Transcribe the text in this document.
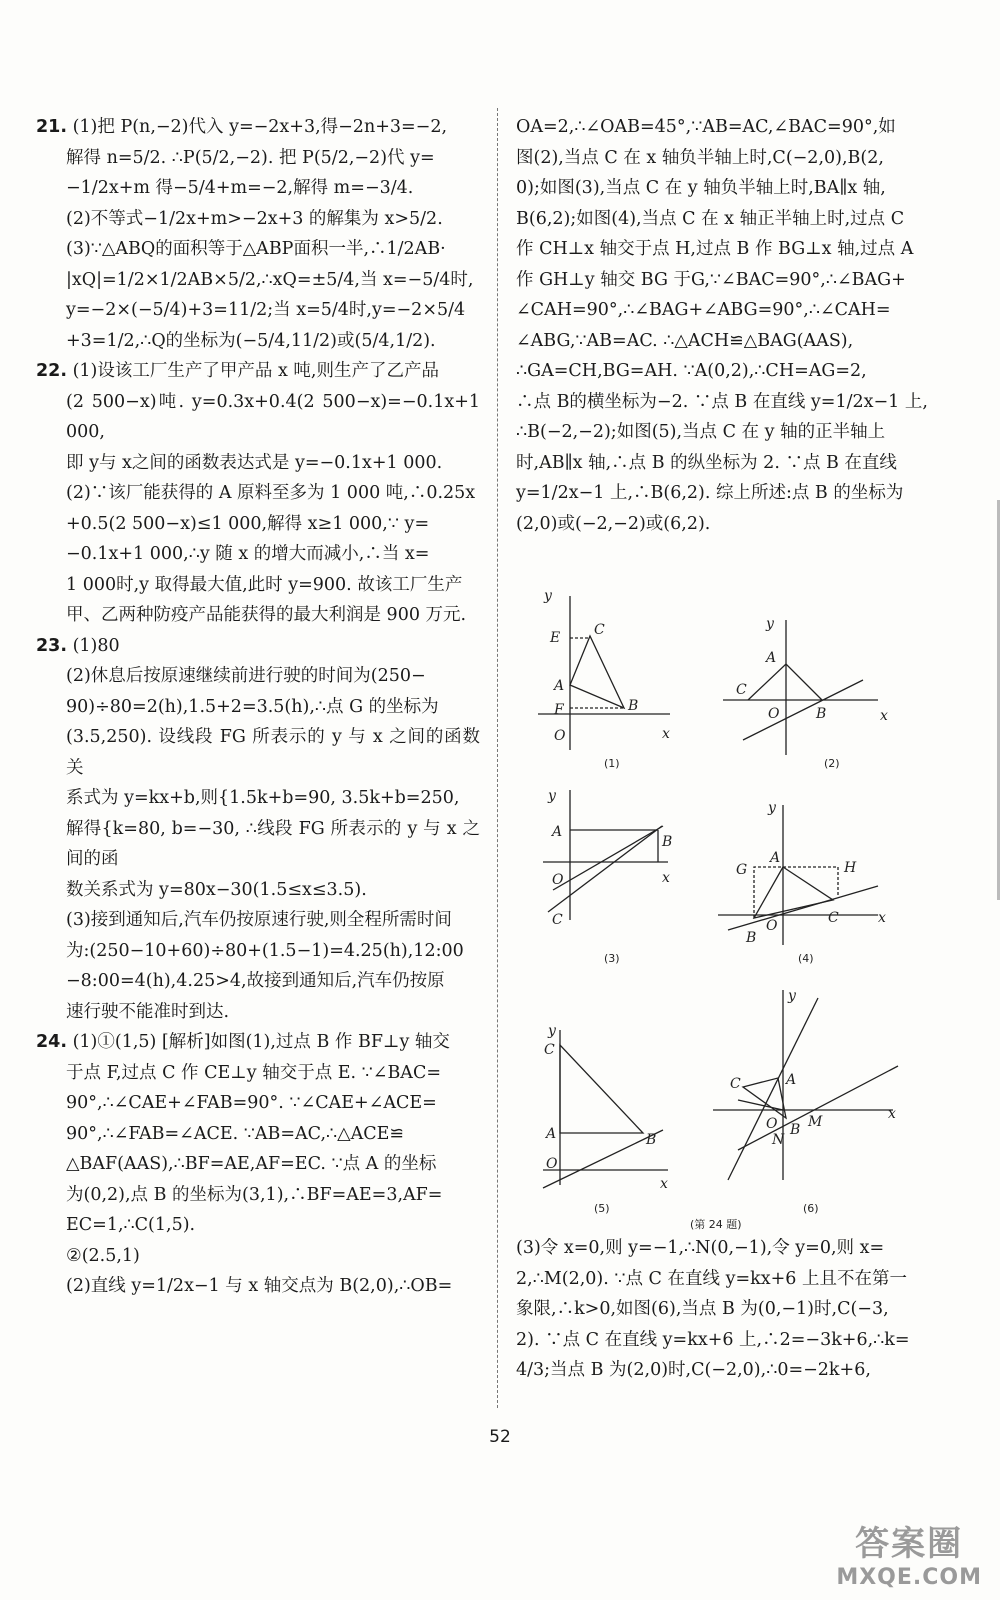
21. (1)把 P(n,−2)代入 y=−2x+3,得−2n+3=−2,

解得 n=5/2. ∴P(5/2,−2). 把 P(5/2,−2)代 y=

−1/2x+m 得−5/4+m=−2,解得 m=−3/4.

(2)不等式−1/2x+m>−2x+3 的解集为 x>5/2.

(3)∵△ABQ的面积等于△ABP面积一半,∴1/2AB·

|xQ|=1/2×1/2AB×5/2,∴xQ=±5/4,当 x=−5/4时,

y=−2×(−5/4)+3=11/2;当 x=5/4时,y=−2×5/4

+3=1/2,∴Q的坐标为(−5/4,11/2)或(5/4,1/2).

22. (1)设该工厂生产了甲产品 x 吨,则生产了乙产品

(2 500−x)吨. y=0.3x+0.4(2 500−x)=−0.1x+1 000,

即 y与 x之间的函数表达式是 y=−0.1x+1 000.

(2)∵该厂能获得的 A 原料至多为 1 000 吨,∴0.25x

+0.5(2 500−x)≤1 000,解得 x≥1 000,∵ y=

−0.1x+1 000,∴y 随 x 的增大而减小,∴当 x=

1 000时,y 取得最大值,此时 y=900. 故该工厂生产

甲、乙两种防疫产品能获得的最大利润是 900 万元.

23. (1)80

(2)休息后按原速继续前进行驶的时间为(250−

90)÷80=2(h),1.5+2=3.5(h),∴点 G 的坐标为

(3.5,250). 设线段 FG 所表示的 y 与 x 之间的函数关

系式为 y=kx+b,则{1.5k+b=90, 3.5k+b=250,

解得{k=80, b=−30, ∴线段 FG 所表示的 y 与 x 之间的函

数关系式为 y=80x−30(1.5≤x≤3.5).

(3)接到通知后,汽车仍按原速行驶,则全程所需时间

为:(250−10+60)÷80+(1.5−1)=4.25(h),12:00

−8:00=4(h),4.25>4,故接到通知后,汽车仍按原

速行驶不能准时到达.

24. (1)①(1,5) [解析]如图(1),过点 B 作 BF⊥y 轴交

于点 F,过点 C 作 CE⊥y 轴交于点 E. ∵∠BAC=

90°,∴∠CAE+∠FAB=90°. ∵∠CAE+∠ACE=

90°,∴∠FAB=∠ACE. ∵AB=AC,∴△ACE≌

△BAF(AAS),∴BF=AE,AF=EC. ∵点 A 的坐标

为(0,2),点 B 的坐标为(3,1),∴BF=AE=3,AF=

EC=1,∴C(1,5).

②(2.5,1)

(2)直线 y=1/2x−1 与 x 轴交点为 B(2,0),∴OB=

OA=2,∴∠OAB=45°,∵AB=AC,∠BAC=90°,如

图(2),当点 C 在 x 轴负半轴上时,C(−2,0),B(2,

0);如图(3),当点 C 在 y 轴负半轴上时,BA∥x 轴,

B(6,2);如图(4),当点 C 在 x 轴正半轴上时,过点 C

作 CH⊥x 轴交于点 H,过点 B 作 BG⊥x 轴,过点 A

作 GH⊥y 轴交 BG 于G,∵∠BAC=90°,∴∠BAG+

∠CAH=90°,∴∠BAG+∠ABG=90°,∴∠CAH=

∠ABG,∵AB=AC. ∴△ACH≌△BAG(AAS),

∴GA=CH,BG=AH. ∵A(0,2),∴CH=AG=2,

∴点 B的横坐标为−2. ∵点 B 在直线 y=1/2x−1 上,

∴B(−2,−2);如图(5),当点 C 在 y 轴的正半轴上

时,AB∥x 轴,∴点 B 的纵坐标为 2. ∵点 B 在直线

y=1/2x−1 上,∴B(6,2). 综上所述:点 B 的坐标为

(2,0)或(−2,−2)或(6,2).

y
E C
A
F	B
O	x
(1)
y
A
C
O	B	x
(2)
y
A
B
O
C
x
(3)
y
G
A
H
O	C
B
x
(4)
y
C
A	B
O
x
(5)
y
C	A
O
N
B M	x
(6)
(第 24 题)

(3)令 x=0,则 y=−1,∴N(0,−1),令 y=0,则 x=

2,∴M(2,0). ∵点 C 在直线 y=kx+6 上且不在第一

象限,∴k>0,如图(6),当点 B 为(0,−1)时,C(−3,

2). ∵点 C 在直线 y=kx+6 上,∴2=−3k+6,∴k=

4/3;当点 B 为(2,0)时,C(−2,0),∴0=−2k+6,

52
答案圈
MXQE.COM
